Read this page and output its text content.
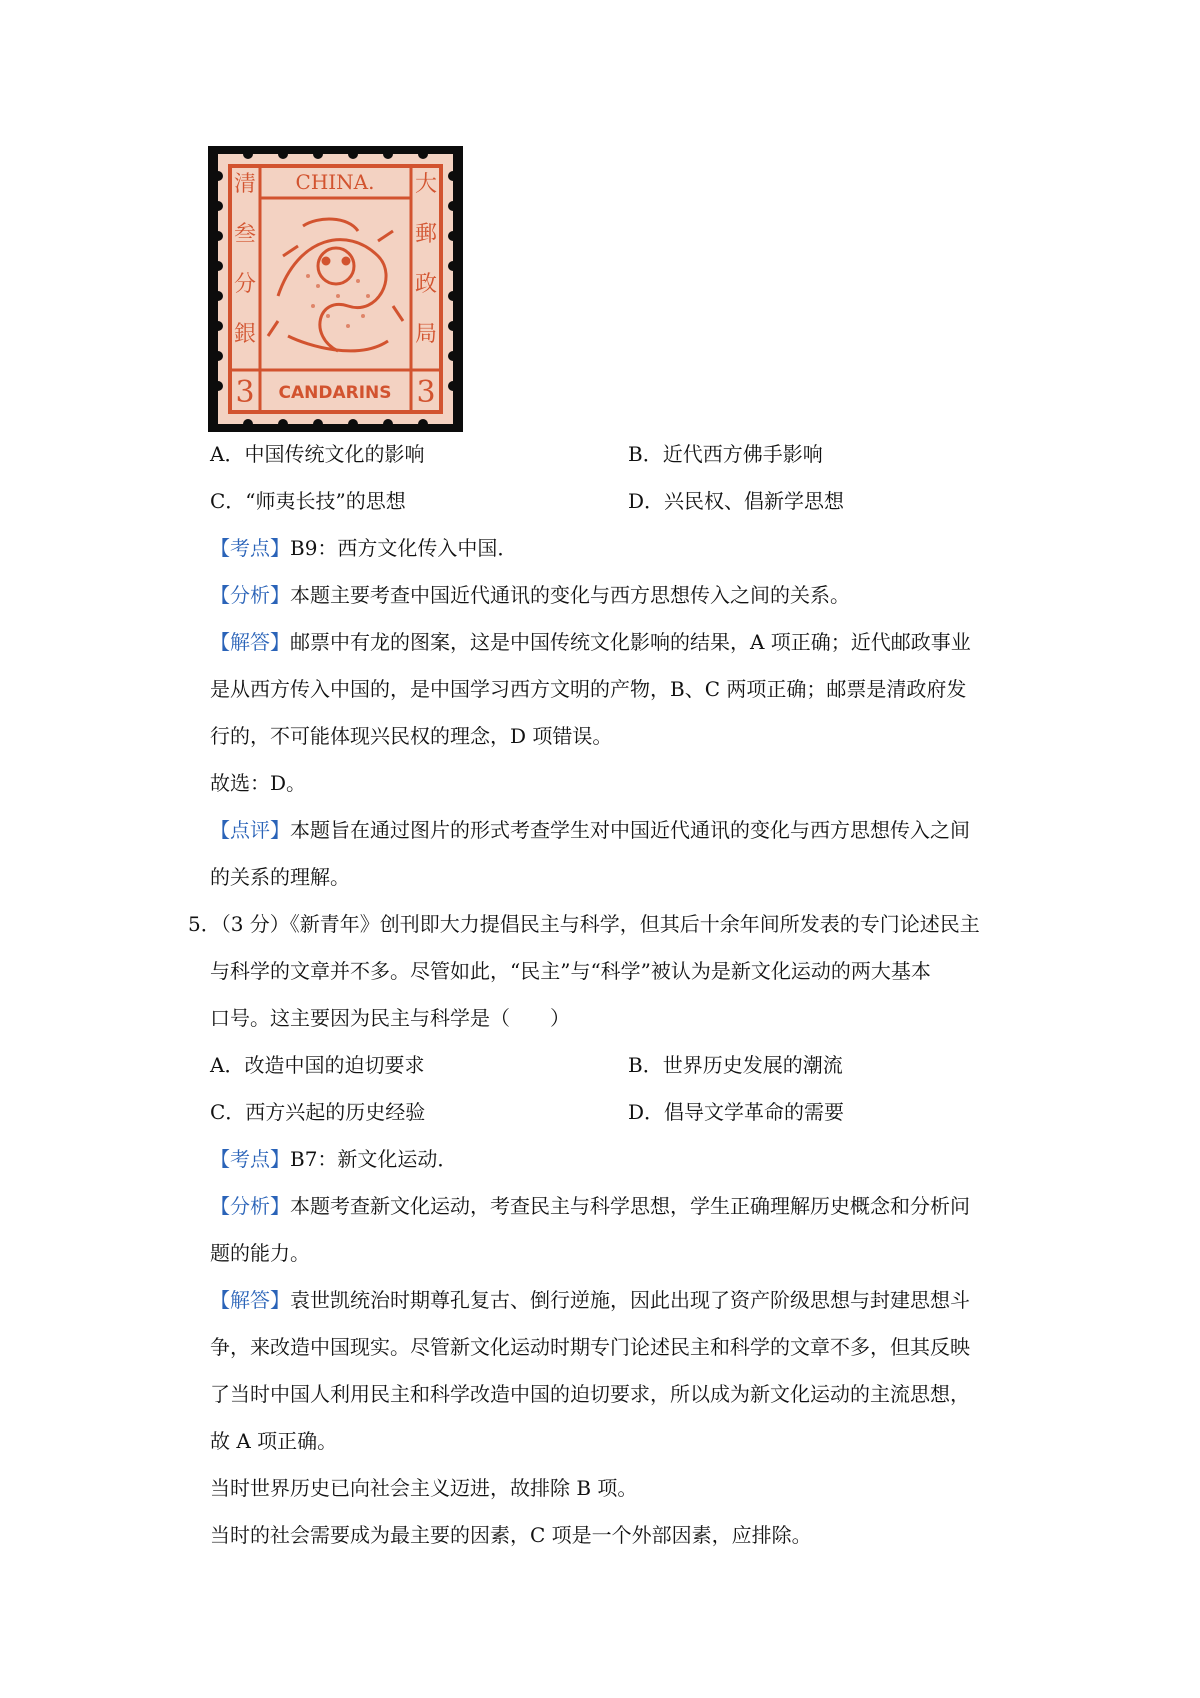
CHINA.
CANDARINS
3	3
清
叁
分
銀
大
郵
政
局
A．中国传统文化的影响	B．近代西方佛手影响
C．“师夷长技”的思想	D．兴民权、倡新学思想
【考点】B9：西方文化传入中国．
【分析】本题主要考查中国近代通讯的变化与西方思想传入之间的关系。
【解答】邮票中有龙的图案，这是中国传统文化影响的结果，A 项正确；近代邮政事业
是从西方传入中国的，是中国学习西方文明的产物，B、C 两项正确；邮票是清政府发
行的，不可能体现兴民权的理念，D 项错误。
故选：D。
【点评】本题旨在通过图片的形式考查学生对中国近代通讯的变化与西方思想传入之间
的关系的理解。
5．（3 分）《新青年》创刊即大力提倡民主与科学，但其后十余年间所发表的专门论述民主
与科学的文章并不多。尽管如此，“民主”与“科学”被认为是新文化运动的两大基本
口号。这主要因为民主与科学是（　　）
A．改造中国的迫切要求	B．世界历史发展的潮流
C．西方兴起的历史经验	D．倡导文学革命的需要
【考点】B7：新文化运动．
【分析】本题考查新文化运动，考查民主与科学思想，学生正确理解历史概念和分析问
题的能力。
【解答】袁世凯统治时期尊孔复古、倒行逆施，因此出现了资产阶级思想与封建思想斗
争，来改造中国现实。尽管新文化运动时期专门论述民主和科学的文章不多，但其反映
了当时中国人利用民主和科学改造中国的迫切要求，所以成为新文化运动的主流思想，
故 A 项正确。
当时世界历史已向社会主义迈进，故排除 B 项。
当时的社会需要成为最主要的因素，C 项是一个外部因素，应排除。
